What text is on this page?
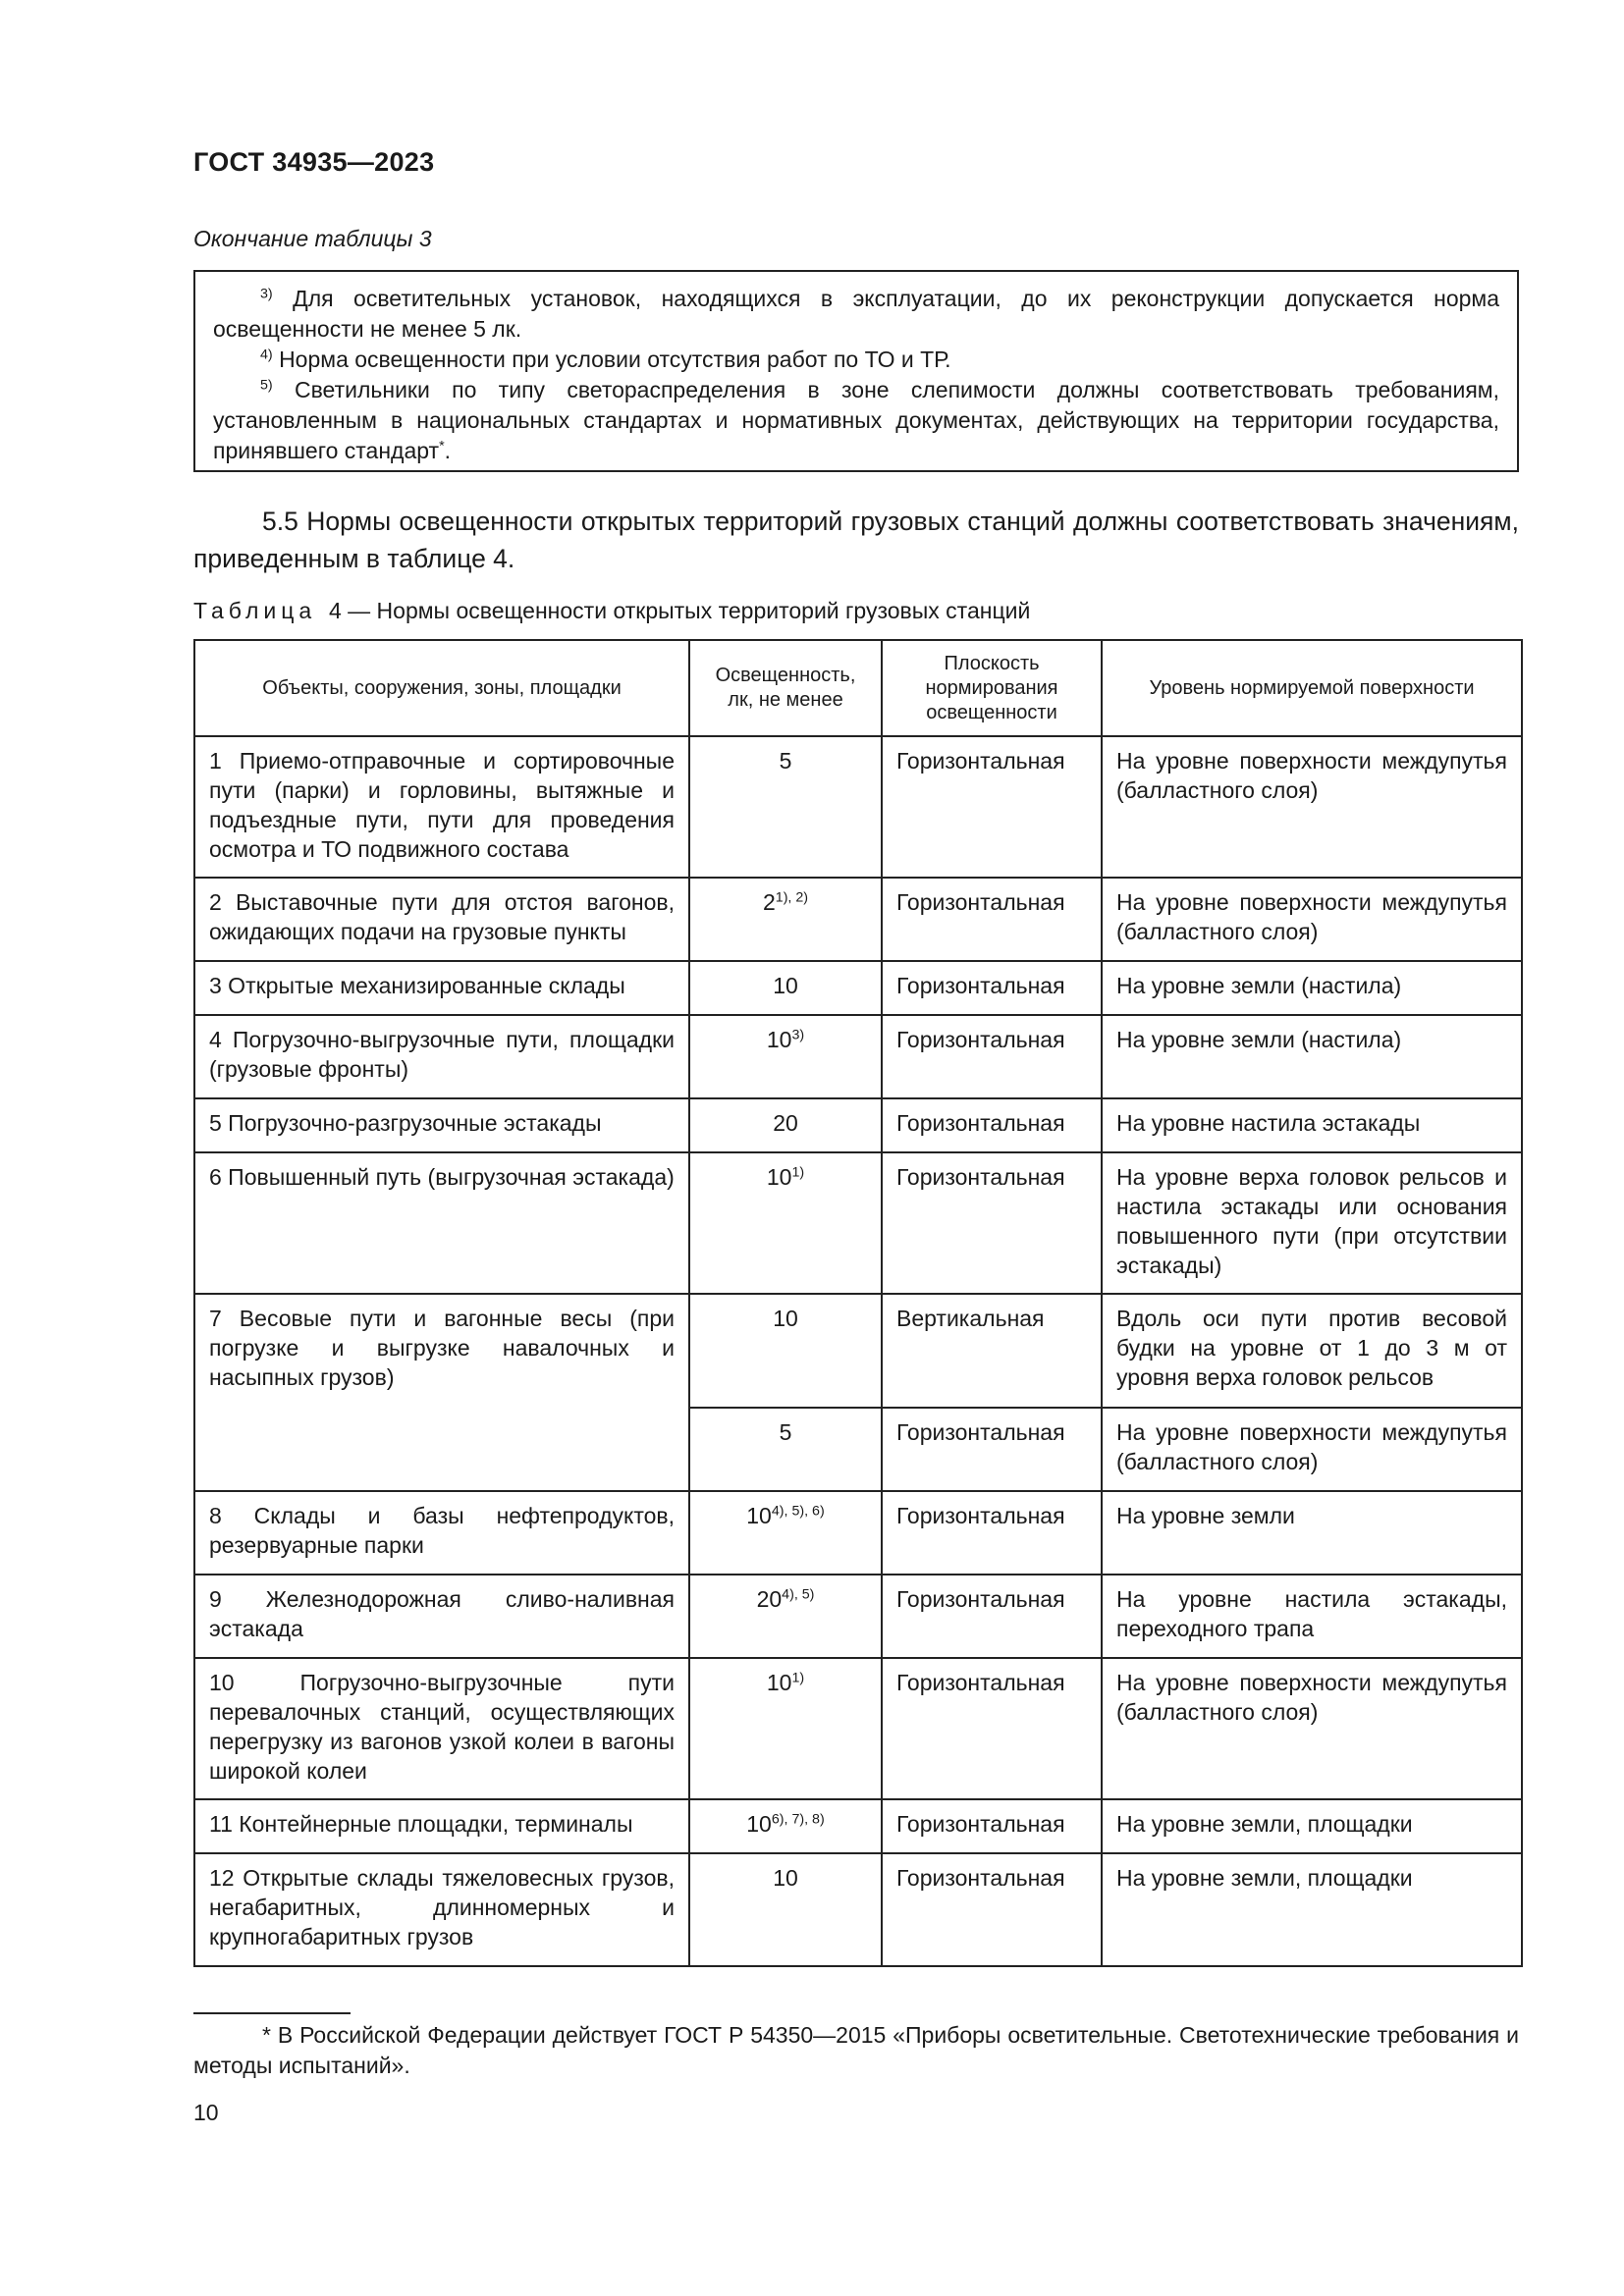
ГОСТ 34935—2023
Окончание таблицы 3

$^{3)}$ Для осветительных установок, находящихся в эксплуатации, до их реконструкции допускается норма освещенности не менее 5 лк.

$^{4)}$ Норма освещенности при условии отсутствия работ по ТО и ТР.

$^{5)}$ Светильники по типу светораспределения в зоне слепимости должны соответствовать требованиям, установленным в национальных стандартах и нормативных документах, действующих на территории государства, принявшего стандарт*.

5.5 Нормы освещенности открытых территорий грузовых станций должны соответствовать значениям, приведенным в таблице 4.

Таблица 4 — Нормы освещенности открытых территорий грузовых станций
Объекты, сооружения, зоны, площадки	Освещенность, лк, не менее	Плоскость нормирования освещенности	Уровень нормируемой поверхности
1 Приемо-отправочные и сортировочные пути (парки) и горловины, вытяжные и подъездные пути, пути для проведения осмотра и ТО подвижного состава	5	Горизонтальная	На уровне поверхности междупутья (балластного слоя)
2 Выставочные пути для отстоя вагонов, ожидающих подачи на грузовые пункты	$2^{1), 2)}$	Горизонтальная	На уровне поверхности междупутья (балластного слоя)
3 Открытые механизированные склады	10	Горизонтальная	На уровне земли (настила)
4 Погрузочно-выгрузочные пути, площадки (грузовые фронты)	10$^{3)}$	Горизонтальная	На уровне земли (настила)
5 Погрузочно-разгрузочные эстакады	20	Горизонтальная	На уровне настила эстакады
6 Повышенный путь (выгрузочная эстакада)	10$^{1)}$	Горизонтальная	На уровне верха головок рельсов и настила эстакады или основания повышенного пути (при отсутствии эстакады)
7 Весовые пути и вагонные весы (при погрузке и выгрузке навалочных и насыпных грузов)	10	Вертикальная	Вдоль оси пути против весовой будки на уровне от 1 до 3 м от уровня верха головок рельсов
	5	Горизонтальная	На уровне поверхности междупутья (балластного слоя)
8 Склады и базы нефтепродуктов, резервуарные парки	$10^{4), 5), 6)}$	Горизонтальная	На уровне земли
9 Железнодорожная сливо-наливная эстакада	$20^{4), 5)}$	Горизонтальная	На уровне настила эстакады, переходного трапа
10 Погрузочно-выгрузочные пути перевалочных станций, осуществляющих перегрузку из вагонов узкой колеи в вагоны широкой колеи	10$^{1)}$	Горизонтальная	На уровне поверхности междупутья (балластного слоя)
11 Контейнерные площадки, терминалы	$10^{6), 7), 8)}$	Горизонтальная	На уровне земли, площадки
12 Открытые склады тяжеловесных грузов, негабаритных, длинномерных и крупногабаритных грузов	10	Горизонтальная	На уровне земли, площадки

* В Российской Федерации действует ГОСТ Р 54350—2015 «Приборы осветительные. Светотехнические требования и методы испытаний».

10
